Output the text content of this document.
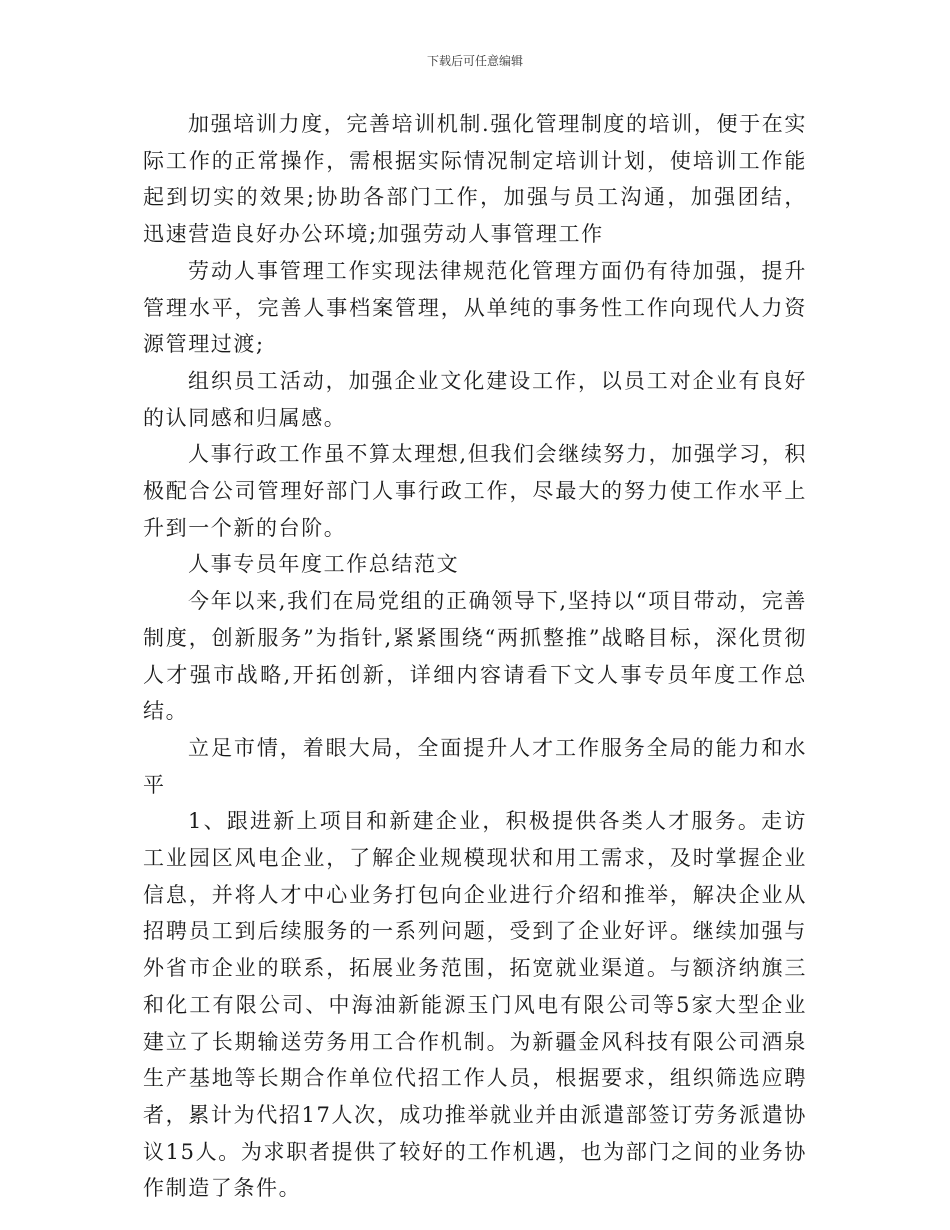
下载后可任意编辑

加强培训力度，完善培训机制.强化管理制度的培训，便于在实际工作的正常操作，需根据实际情况制定培训计划，使培训工作能起到切实的效果;协助各部门工作，加强与员工沟通，加强团结，迅速营造良好办公环境;加强劳动人事管理工作

劳动人事管理工作实现法律规范化管理方面仍有待加强，提升管理水平，完善人事档案管理，从单纯的事务性工作向现代人力资源管理过渡;

组织员工活动，加强企业文化建设工作，以员工对企业有良好的认同感和归属感。

人事行政工作虽不算太理想,但我们会继续努力，加强学习，积极配合公司管理好部门人事行政工作，尽最大的努力使工作水平上升到一个新的台阶。

人事专员年度工作总结范文

今年以来,我们在局党组的正确领导下,坚持以“项目带动，完善制度，创新服务”为指针,紧紧围绕“两抓整推”战略目标，深化贯彻人才强市战略,开拓创新，详细内容请看下文人事专员年度工作总结。

立足市情，着眼大局，全面提升人才工作服务全局的能力和水平

1、跟进新上项目和新建企业，积极提供各类人才服务。走访工业园区风电企业，了解企业规模现状和用工需求，及时掌握企业信息，并将人才中心业务打包向企业进行介绍和推举，解决企业从招聘员工到后续服务的一系列问题，受到了企业好评。继续加强与外省市企业的联系，拓展业务范围，拓宽就业渠道。与额济纳旗三和化工有限公司、中海油新能源玉门风电有限公司等5家大型企业建立了长期输送劳务用工合作机制。为新疆金风科技有限公司酒泉生产基地等长期合作单位代招工作人员，根据要求，组织筛选应聘者，累计为代招17人次，成功推举就业并由派遣部签订劳务派遣协议15人。为求职者提供了较好的工作机遇，也为部门之间的业务协作制造了条件。
